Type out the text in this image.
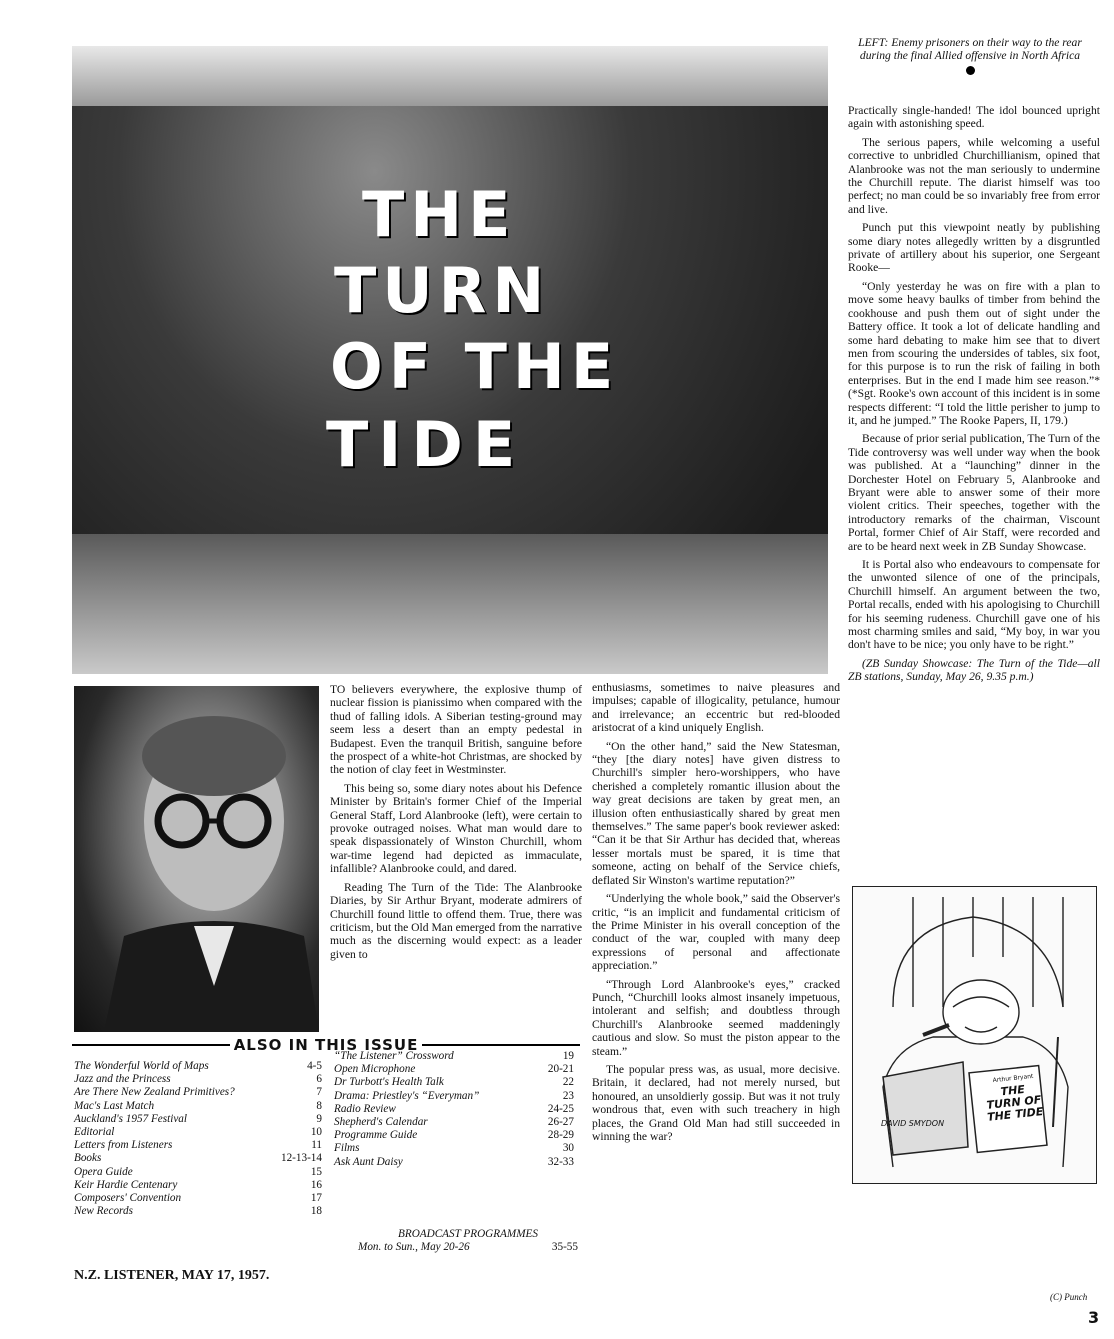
THE
TURN
OF THE
TIDE
LEFT: Enemy prisoners on their way to the rear during the final Allied offensive in North Africa

Practically single-handed! The idol bounced upright again with astonishing speed.

The serious papers, while welcoming a useful corrective to unbridled Churchillianism, opined that Alanbrooke was not the man seriously to undermine the Churchill repute. The diarist himself was too perfect; no man could be so invariably free from error and live.

Punch put this viewpoint neatly by publishing some diary notes allegedly written by a disgruntled private of artillery about his superior, one Sergeant Rooke—

“Only yesterday he was on fire with a plan to move some heavy baulks of timber from behind the cookhouse and push them out of sight under the Battery office. It took a lot of delicate handling and some hard debating to make him see that to divert men from scouring the undersides of tables, six foot, for this purpose is to run the risk of failing in both enterprises. But in the end I made him see reason.”* (*Sgt. Rooke's own account of this incident is in some respects different: “I told the little perisher to jump to it, and he jumped.” The Rooke Papers, II, 179.)

Because of prior serial publication, The Turn of the Tide controversy was well under way when the book was published. At a “launching” dinner in the Dorchester Hotel on February 5, Alanbrooke and Bryant were able to answer some of their more violent critics. Their speeches, together with the introductory remarks of the chairman, Viscount Portal, former Chief of Air Staff, were recorded and are to be heard next week in ZB Sunday Showcase.

It is Portal also who endeavours to compensate for the unwonted silence of one of the principals, Churchill himself. An argument between the two, Portal recalls, ended with his apologising to Churchill for his seeming rudeness. Churchill gave one of his most charming smiles and said, “My boy, in war you don't have to be nice; you only have to be right.”

(ZB Sunday Showcase: The Turn of the Tide—all ZB stations, Sunday, May 26, 9.35 p.m.)

TO believers everywhere, the explosive thump of nuclear fission is pianissimo when compared with the thud of falling idols. A Siberian testing-ground may seem less a desert than an empty pedestal in Budapest. Even the tranquil British, sanguine before the prospect of a white-hot Christmas, are shocked by the notion of clay feet in Westminster.

This being so, some diary notes about his Defence Minister by Britain's former Chief of the Imperial General Staff, Lord Alanbrooke (left), were certain to provoke outraged noises. What man would dare to speak dispassionately of Winston Churchill, whom war-time legend had depicted as immaculate, infallible? Alanbrooke could, and dared.

Reading The Turn of the Tide: The Alanbrooke Diaries, by Sir Arthur Bryant, moderate admirers of Churchill found little to offend them. True, there was criticism, but the Old Man emerged from the narrative much as the discerning would expect: as a leader given to

enthusiasms, sometimes to naive pleasures and impulses; capable of illogicality, petulance, humour and irrelevance; an eccentric but red-blooded aristocrat of a kind uniquely English.

“On the other hand,” said the New Statesman, “they [the diary notes] have given distress to Churchill's simpler hero-worshippers, who have cherished a completely romantic illusion about the way great decisions are taken by great men, an illusion often enthusiastically shared by great men themselves.” The same paper's book reviewer asked: “Can it be that Sir Arthur has decided that, whereas lesser mortals must be spared, it is time that someone, acting on behalf of the Service chiefs, deflated Sir Winston's wartime reputation?”

“Underlying the whole book,” said the Observer's critic, “is an implicit and fundamental criticism of the Prime Minister in his overall conception of the conduct of the war, coupled with many deep expressions of personal and affectionate appreciation.”

“Through Lord Alanbrooke's eyes,” cracked Punch, “Churchill looks almost insanely impetuous, intolerant and selfish; and doubtless through Churchill's Alanbrooke seemed maddeningly cautious and slow. So must the piston appear to the steam.”

The popular press was, as usual, more decisive. Britain, it declared, had not merely nursed, but honoured, an unsoldierly gossip. But was it not truly wondrous that, even with such treachery in high places, the Grand Old Man had still succeeded in winning the war?

ALSO IN THIS ISSUE
The Wonderful World of Maps	4-5
Jazz and the Princess	6
Are There New Zealand Primitives?	7
Mac's Last Match	8
Auckland's 1957 Festival	9
Editorial	10
Letters from Listeners	11
Books	12-13-14
Opera Guide	15
Keir Hardie Centenary	16
Composers' Convention	17
New Records	18
“The Listener” Crossword	19
Open Microphone	20-21
Dr Turbott's Health Talk	22
Drama: Priestley's “Everyman”	23
Radio Review	24-25
Shepherd's Calendar	26-27
Programme Guide	28-29
Films	30
Ask Aunt Daisy	32-33
BROADCAST PROGRAMMES
Mon. to Sun., May 20-26	35-55
Arthur Bryant
THE TURN OF THE TIDE
DAVID SMYDON
(C) Punch
N.Z. LISTENER, MAY 17, 1957.
3
